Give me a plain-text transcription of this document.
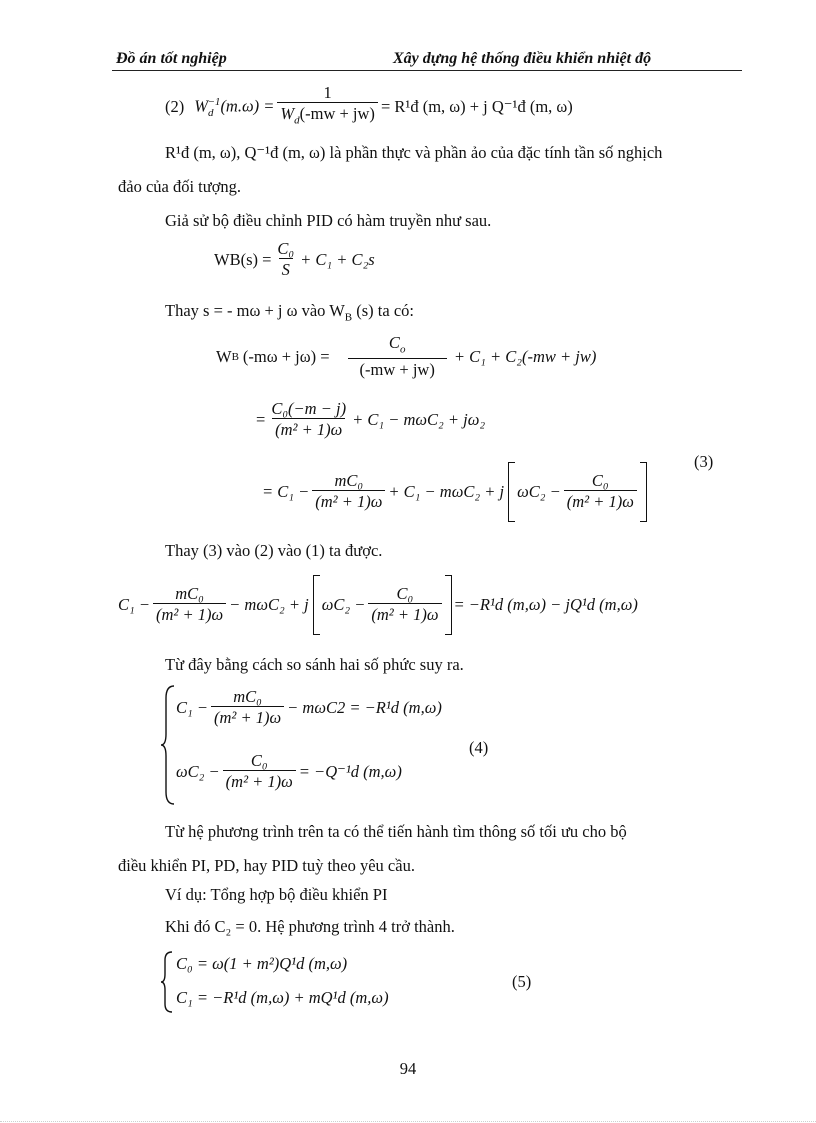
Đồ án tốt nghiệp	Xây dựng hệ thống điều khiển nhiệt độ
(2) $W_d^{-1}(m.\omega) = \frac{1}{W_d(-mw + jw)}$ = R¹đ (m, ω) + j Q⁻¹đ (m, ω)
R¹đ (m, ω), Q⁻¹đ (m, ω) là phần thực và phần ảo của đặc tính tần số nghịch
đảo của đối tượng.
Giả sử bộ điều chỉnh PID có hàm truyền như sau.
$WB(s) = \frac{\text{C₀}}{S} + C_1 + C_2s$
Thay s = - mω + j ω vào $W_B$ (s) ta có:
W B $(-m\omega + j\omega) = \frac{C_o}{(-mw + jw)} + C_1 + C_2(-mw + jw)$
= $\frac{\text{C₀(−m − j)}}{\text{(m² + 1)ω}} + C_1 - m\omega C_2 + j\omega_2$
= $C_1 - \frac{\text{mC₀}}{\text{(m² + 1)ω}} + C_1 - m\omega C_2 + j$ $\omega C_2 - \frac{\text{C₀}}{\text{(m² + 1)ω}}$
(3)
Thay (3) vào (2) vào (1) ta được.
$C_1 - \frac{\text{mC₀}}{\text{(m² + 1)ω}} - m\omega C_2 + j$ $\omega C_2 - \frac{\text{C₀}}{\text{(m² + 1)ω}} = -R^1d$ (m,ω) − jQ¹d (m,ω)
Từ đây bằng cách so sánh hai số phức suy ra.
$C_1 - \frac{\text{mC₀}}{\text{(m² + 1)ω}} - m\omega C2 = -R^1d$ (m,ω)
$\omega C_2 - \frac{\text{C₀}}{\text{(m² + 1)ω}} = -Q^{-1}d$ (m,ω)
(4)
Từ hệ phương trình trên ta có thể tiến hành tìm thông số tối ưu cho bộ
điều khiển PI, PD, hay PID tuỳ theo yêu cầu.
Ví dụ: Tổng hợp bộ điều khiển PI
Khi đó C₂ = 0. Hệ phương trình 4 trở thành.
C₀ = ω(1 + m²)Q¹d (m,ω)
C₁ = −R¹d (m,ω) + mQ¹d (m,ω)
(5)
94
